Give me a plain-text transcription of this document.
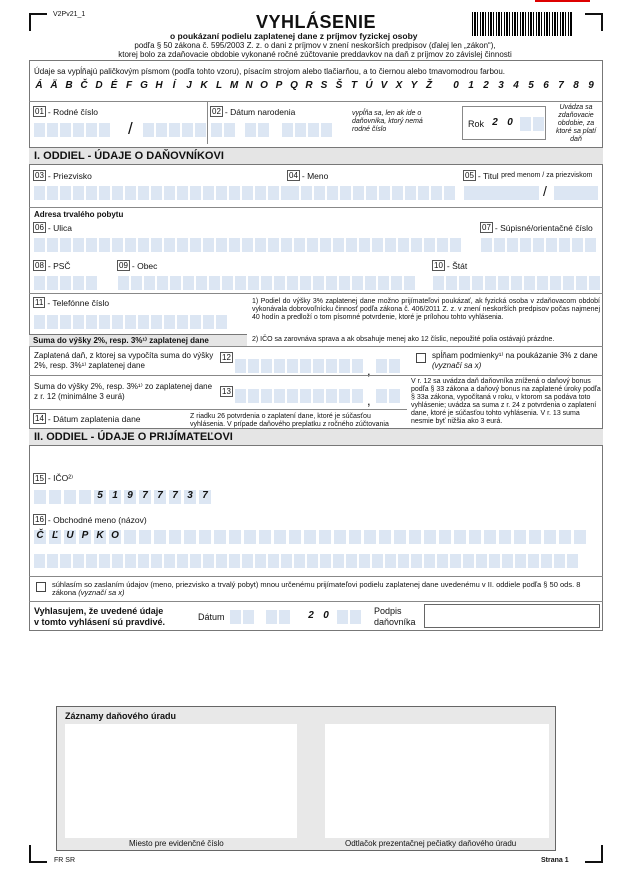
V2Pv21_1	VYHLÁSENIE
o poukázaní podielu zaplatenej dane z príjmov fyzickej osoby
podľa § 50 zákona č. 595/2003 Z. z. o dani z príjmov v znení neskorších predpisov (ďalej len „zákon“),
ktorej bolo za zdaňovacie obdobie vykonané ročné zúčtovanie preddavkov na daň z príjmov zo závislej činnosti
Údaje sa vypĺňajú paličkovým písmom (podľa tohto vzoru), písacím strojom alebo tlačiarňou, a to čiernou alebo tmavomodrou farbou.
Á Ä B Č D É F G H	Í	J K L M N O P Q R S Š T Ú V X Y Ž	0 1 2 3 4 5 6 7 8 9
01 - Rodné číslo
/
02 - Dátum narodenia	vypĺňa sa, len ak ide o daňovníka, ktorý nemá rodné číslo
Rok 2 0
Uvádza sa zdaňovacie obdobie, za ktoré sa platí daň
I. ODDIEL - ÚDAJE O DAŇOVNÍKOVI
03 - Priezvisko	04 - Meno	05 - Titul
pred menom / za priezviskom
/
Adresa trvalého pobytu
06 - Ulica	07 - Súpisné/orientačné číslo
08 - PSČ	09 - Obec	10 - Štát
11 - Telefónne číslo	1) Podiel do výšky 3% zaplatenej dane možno prijímateľovi poukázať, ak fyzická osoba v zdaňovacom období vykonávala dobrovoľnícku činnosť podľa zákona č. 406/2011 Z. z. v znení neskorších predpisov počas najmenej 40 hodín a predloží o tom písomné potvrdenie, ktoré je prílohou tohto vyhlásenia.
2) IČO sa zarovnáva sprava a ak obsahuje menej ako 12 číslic, nepoužité polia ostávajú prázdne.
Suma do výšky 2%, resp. 3%¹⁾ zaplatenej dane
Zaplatená daň, z ktorej sa vypočíta suma do výšky 2%, resp. 3%¹⁾ zaplatenej dane
12
,
spĺňam podmienky¹⁾ na poukázanie 3% z dane (vyznačí sa x)
Suma do výšky 2%, resp. 3%¹⁾ zo zaplatenej dane z r. 12 (minimálne 3 eurá)
13
,
V r. 12 sa uvádza daň daňovníka znížená o daňový bonus podľa § 33 zákona a daňový bonus na zaplatené úroky podľa § 33a zákona, vypočítaná v roku, v ktorom sa podáva toto vyhlásenie; uvádza sa suma z r. 24 z potvrdenia o zaplatení dane, ktoré je súčasťou tohto vyhlásenia. V r. 13 suma nesmie byť nižšia ako 3 eurá.
14 - Dátum zaplatenia dane	Z riadku 26 potvrdenia o zaplatení dane, ktoré je súčasťou vyhlásenia. V prípade daňového preplatku z ročného zúčtovania
II. ODDIEL - ÚDAJE O PRIJÍMATEĽOVI
15 - IČO²⁾
5 1 9 7 7 7 3 7
16 - Obchodné meno (názov)
Č Ľ U P K O
súhlasím so zaslaním údajov (meno, priezvisko a trvalý pobyt) mnou určenému prijímateľovi podielu zaplatenej dane uvedenému v II. oddiele podľa § 50 ods. 8 zákona (vyznačí sa x)
Vyhlasujem, že uvedené údaje
v tomto vyhlásení sú pravdivé.	Dátum	2 0	Podpis
daňovníka
Záznamy daňového úradu
Miesto pre evidenčné číslo	Odtlačok prezentačnej pečiatky daňového úradu
FR SR	Strana 1
